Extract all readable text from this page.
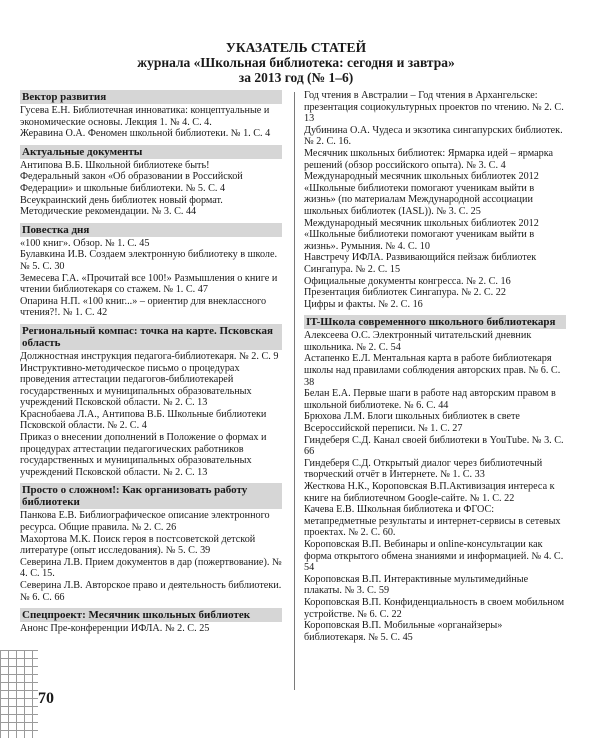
УКАЗАТЕЛЬ СТАТЕЙ
журнала «Школьная библиотека: сегодня и завтра»
за 2013 год (№ 1–6)
Вектор развития

Гусева Е.Н. Библиотечная инноватика: концептуальные и экономические основы. Лекция 1. № 4. С. 4.

Жеравина О.А. Феномен школьной библиотеки. № 1. С. 4

Актуальные документы

Антипова В.Б. Школьной библиотеке быть!

Федеральный закон «Об образовании в Российской Федерации» и школьные библиотеки. № 5. С. 4

Всеукраинский день библиотек новый формат. Методические рекомендации. № 3. С. 44

Повестка дня

«100 книг». Обзор. № 1. С. 45

Булавкина И.В. Создаем электронную библиотеку в школе. № 5. С. 30

Земесева Г.А. «Прочитай все 100!» Размышления о книге и чтении библиотекаря со стажем. № 1. С. 47

Опарина Н.П. «100 книг...» – ориентир для внеклассного чтения?!. № 1. С. 42

Региональный компас: точка на карте. Псковская область

Должностная инструкция педагога-библиотекаря. № 2. С. 9

Инструктивно-методическое письмо о процедурах проведения аттестации педагогов-библиотекарей государственных и муниципальных образовательных учреждений Псковской области. № 2. С. 13

Краснобаева Л.А., Антипова В.Б. Школьные библиотеки Псковской области. № 2. С. 4

Приказ о внесении дополнений в Положение о формах и процедурах аттестации педагогических работников государственных и муниципальных образовательных учреждений Псковской области. № 2. С. 13

Просто о сложном!: Как организовать работу библиотеки

Панкова Е.В. Библиографическое описание электронного ресурса. Общие правила. № 2. С. 26

Махортова М.К. Поиск героя в постсоветской детской литературе (опыт исследования). № 5. С. 39

Северина Л.В. Прием документов в дар (пожертвование). № 4. С. 15.

Северина Л.В. Авторское право и деятельность библиотеки. № 6. С. 66

Спецпроект: Месячник школьных библиотек

Анонс Пре-конференции ИФЛА. № 2. С. 25

Год чтения в Австралии – Год чтения в Архангельске: презентация социокультурных проектов по чтению. № 2. С. 13

Дубинина О.А. Чудеса и экзотика сингапурских библиотек. № 2. С. 16.

Месячник школьных библиотек: Ярмарка идей – ярмарка решений (обзор российского опыта). № 3. С. 4

Международный месячник школьных библиотек 2012 «Школьные библиотеки помогают ученикам выйти в жизнь» (по материалам Международной ассоциации школьных библиотек (IASL)). № 3. С. 25

Международный месячник школьных библиотек 2012 «Школьные библиотеки помогают ученикам выйти в жизнь». Румыния. № 4. С. 10

Навстречу ИФЛА. Развивающийся пейзаж библиотек Сингапура. № 2. С. 15

Официальные документы конгресса. № 2. С. 16

Презентация библиотек Сингапура. № 2. С. 22

Цифры и факты. № 2. С. 16

IT-Школа современного школьного библиотекаря

Алексеева О.С. Электронный читательский дневник школьника. № 2. С. 54

Астапенко Е.Л. Ментальная карта в работе библиотекаря школы над правилами соблюдения авторских прав. № 6. С. 38

Белан Е.А. Первые шаги в работе над авторским правом в школьной библиотеке. № 6. С. 44

Брюхова Л.М. Блоги школьных библиотек в свете Всероссийской переписи. № 1. С. 27

Гиндеберя С.Д. Канал своей библиотеки в YouTube. № 3. С. 66

Гиндеберя С.Д. Открытый диалог через библиотечный творческий отчёт в Интернете. № 1. С. 33

Жесткова Н.К., Короповская В.П.Активизация интереса к книге на библиотечном Google-сайте. № 1. С. 22

Качева Е.В. Школьная библиотека и ФГОС: метапредметные результаты и интернет-сервисы в сетевых проектах. № 2. С. 60.

Короповская В.П. Вебинары и online-консультации как форма открытого обмена знаниями и информацией. № 4. С. 54

Короповская В.П. Интерактивные мультимедийные плакаты. № 3. С. 59

Короповская В.П. Конфиденциальность в своем мобильном устройстве. № 6. С. 22

Короповская В.П. Мобильные «органайзеры» библиотекаря. № 5. С. 45

70
